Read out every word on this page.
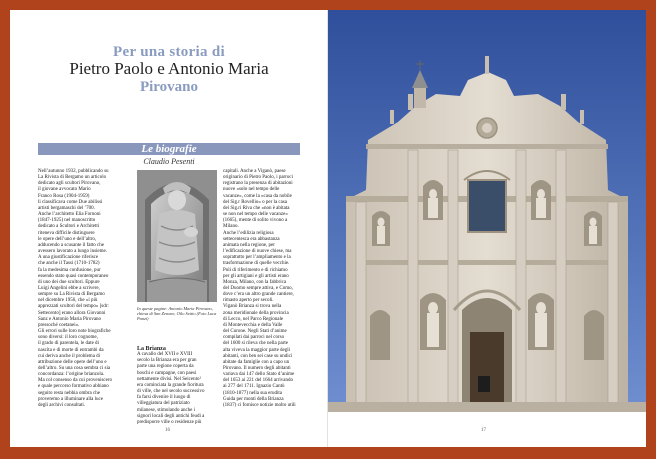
Per una storia di
Pietro Paolo e Antonio Maria
Pirovano
Le biografie
Claudio Pesenti
Nell’autunno 1932, pubblicando su
La Rivista di Bergamo un articolo
dedicato agli scultori Pirovano,
il giovane avvocato Mario
Franco Rosa (1904-1959)
li classificava come Due abilissi
artisti bergamaschi del ’700.
Anche l’architetto Elia Fornoni
(1847-1925) nel manoscritto
dedicato a Scultori e Architetti
riteneva difficile distinguere
le opere dell’uno e dell’altro,
adducendo a scusante il fatto che
avessero lavorato a lungo insieme.
A una giustificazione riferisce
che anche il Tassi (1710-1782)
fa la medesima confusione, pur
essendo stato quasi contemporaneo
di uno dei due scultori. Eppure
Luigi Angelini ebbe a scrivere,
sempre su La Rivista di Bergamo
nel dicembre 1956, che «i più
apprezzati scultori del tempo» [sdr:
Settecento] erano allora Giovanni
Sanz e Antonio Maria Pirovano
pressoché coetanei».
Gli errori sulle loro note biografiche
sono diversi: il loro cognome,
il grado di parentela, le date di
nascita e di morte di entrambi da
cui deriva anche il problema di
attribuzione delle opere dell’uno e
dell’altro. Su una cosa sembra ci sia
concordanza: l’origine brianzola.
Ma col consenso da cui proveniscero
e quale percorso formativo abbiano
seguito resta nebbia ombra che
proveremo a illuminare alla luce
degli archivi consultati.
In queste pagine: Antonio Maria Pirovano, chiesa di San Zenone, Oilo Settio (Foto Luca Panzi)
La Brianza
A cavallo del XVII e XVIII
secolo la Brianza era per gran
parte una regione coperta da
boschi e campagne, con paesi
nettamente divisi. Nel Seicento¹
era cominciata la grande fioritura
di ville, che nel secolo successivo
fa farsi divenire il luogo di
villeggiatura del patriziato
milanese, stimolando anche i
signori locali degli antichi feudi a
predisporre ville o residenze più
capitali. Anche a Viganò, paese
originario di Pietro Paolo, i parroci
registrano la presenza di abitazioni
nuove «solo nel tempo delle
vacanze», come la «casa da nobile
del Sig.r Rovellio» o per la casa
dei Sig.ri Riva che «non è abitata
se non nel tempo delle vacanze»
(1665), mente di solito vivono a
Milano.
Anche l’edilizia religiosa
settecentesca era abbastanza
animata nella regione, per
l’edificazione di nuove chiese, ma
soprattutto per l’ampliamento e la
trasformazione di quelle vecchie.
Poli di riferimento e di richiamo
per gli artigiani e gli artisti erano
Monza, Milano, con la fabbrica
del Duomo sempre attiva, e Como,
dove c’era un altro grande cantiere,
rimasto aperto per secoli.
Viganò Brianza si trova nella
zona meridionale della provincia
di Lecco, nel Parco Regionale
di Montevecchia e della Valle
del Curone. Negli Stati d’anime
compilati dai parroci nel corso
del 1600 si rileva che nella parte
alta viveva la maggior parte degli
abitanti, con ben sei case su undici
abitate da famiglie con a capo un
Pirovano. Il numero degli abitanti
variava dai 147 dello Stato d’anime
del 1653 ai 221 del 1664 arrivando
ai 277 del 1711. Ignazio Cantù
(1810-1877) nella sua erudita
Guida per monti della Brianza
(1837) ci fornisce notizie molto utili
16	17
